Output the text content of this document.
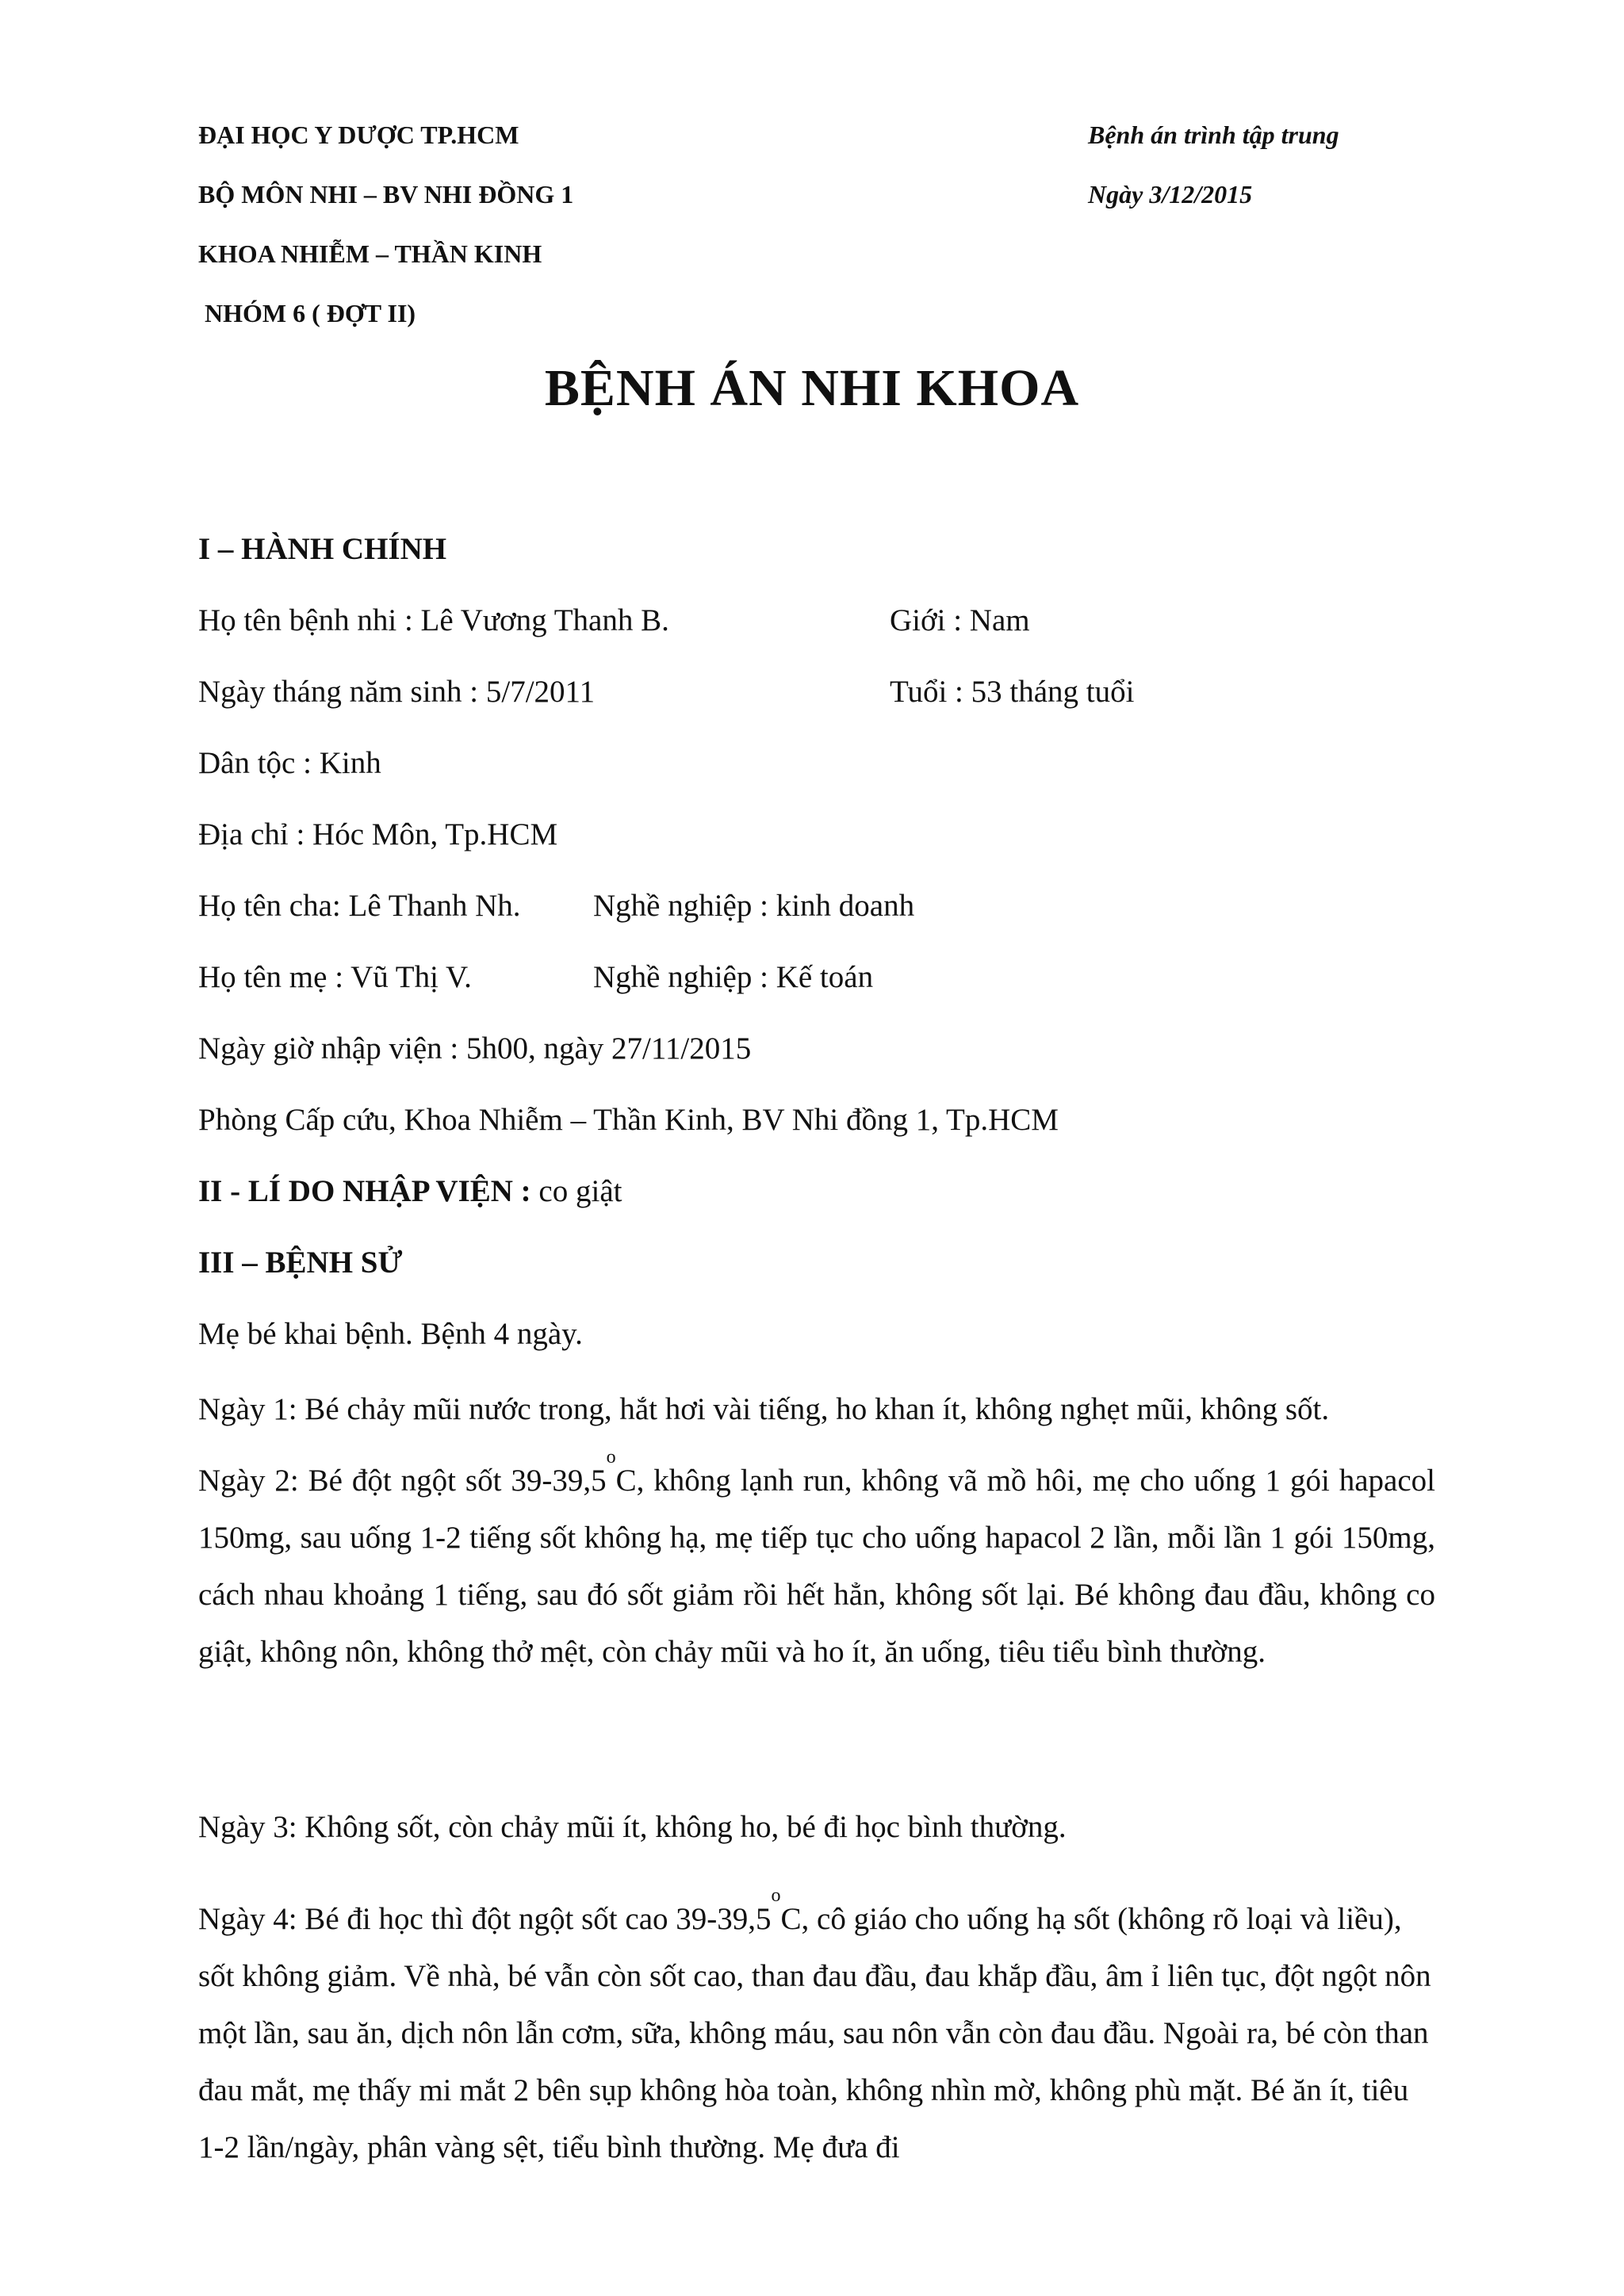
ĐẠI HỌC Y DƯỢC TP.HCM
BỘ MÔN NHI – BV NHI ĐỒNG 1
KHOA NHIỄM – THẦN KINH
NHÓM 6 ( ĐỢT II)
Bệnh án trình tập trung
Ngày 3/12/2015
BỆNH ÁN NHI KHOA
I – HÀNH CHÍNH
Họ tên bệnh nhi : Lê Vương Thanh B.	Giới : Nam
Ngày tháng năm sinh : 5/7/2011	Tuổi : 53 tháng tuổi
Dân tộc : Kinh
Địa chỉ : Hóc Môn, Tp.HCM
Họ tên cha: Lê Thanh Nh. Nghề nghiệp : kinh doanh
Họ tên mẹ : Vũ Thị V.	Nghề nghiệp : Kế toán
Ngày giờ nhập viện : 5h00, ngày 27/11/2015
Phòng Cấp cứu, Khoa Nhiễm – Thần Kinh, BV Nhi đồng 1, Tp.HCM
II - LÍ DO NHẬP VIỆN : co giật
III – BỆNH SỬ
Mẹ bé khai bệnh. Bệnh 4 ngày.
Ngày 1: Bé chảy mũi nước trong, hắt hơi vài tiếng, ho khan ít, không nghẹt mũi, không sốt.
Ngày 2: Bé đột ngột sốt 39-39,5$^o$C, không lạnh run, không vã mồ hôi, mẹ cho uống 1 gói hapacol 150mg, sau uống 1-2 tiếng sốt không hạ, mẹ tiếp tục cho uống hapacol 2 lần, mỗi lần 1 gói 150mg, cách nhau khoảng 1 tiếng, sau đó sốt giảm rồi hết hẳn, không sốt lại. Bé không đau đầu, không co giật, không nôn, không thở mệt, còn chảy mũi và ho ít, ăn uống, tiêu tiểu bình thường.
Ngày 3: Không sốt, còn chảy mũi ít, không ho, bé đi học bình thường.
Ngày 4: Bé đi học thì đột ngột sốt cao 39-39,5$^o$C, cô giáo cho uống hạ sốt (không rõ loại và liều), sốt không giảm. Về nhà, bé vẫn còn sốt cao, than đau đầu, đau khắp đầu, âm ỉ liên tục, đột ngột nôn một lần, sau ăn, dịch nôn lẫn cơm, sữa, không máu, sau nôn vẫn còn đau đầu. Ngoài ra, bé còn than đau mắt, mẹ thấy mi mắt 2 bên sụp không hòa toàn, không nhìn mờ, không phù mặt. Bé ăn ít, tiêu 1-2 lần/ngày, phân vàng sệt, tiểu bình thường. Mẹ đưa đi
